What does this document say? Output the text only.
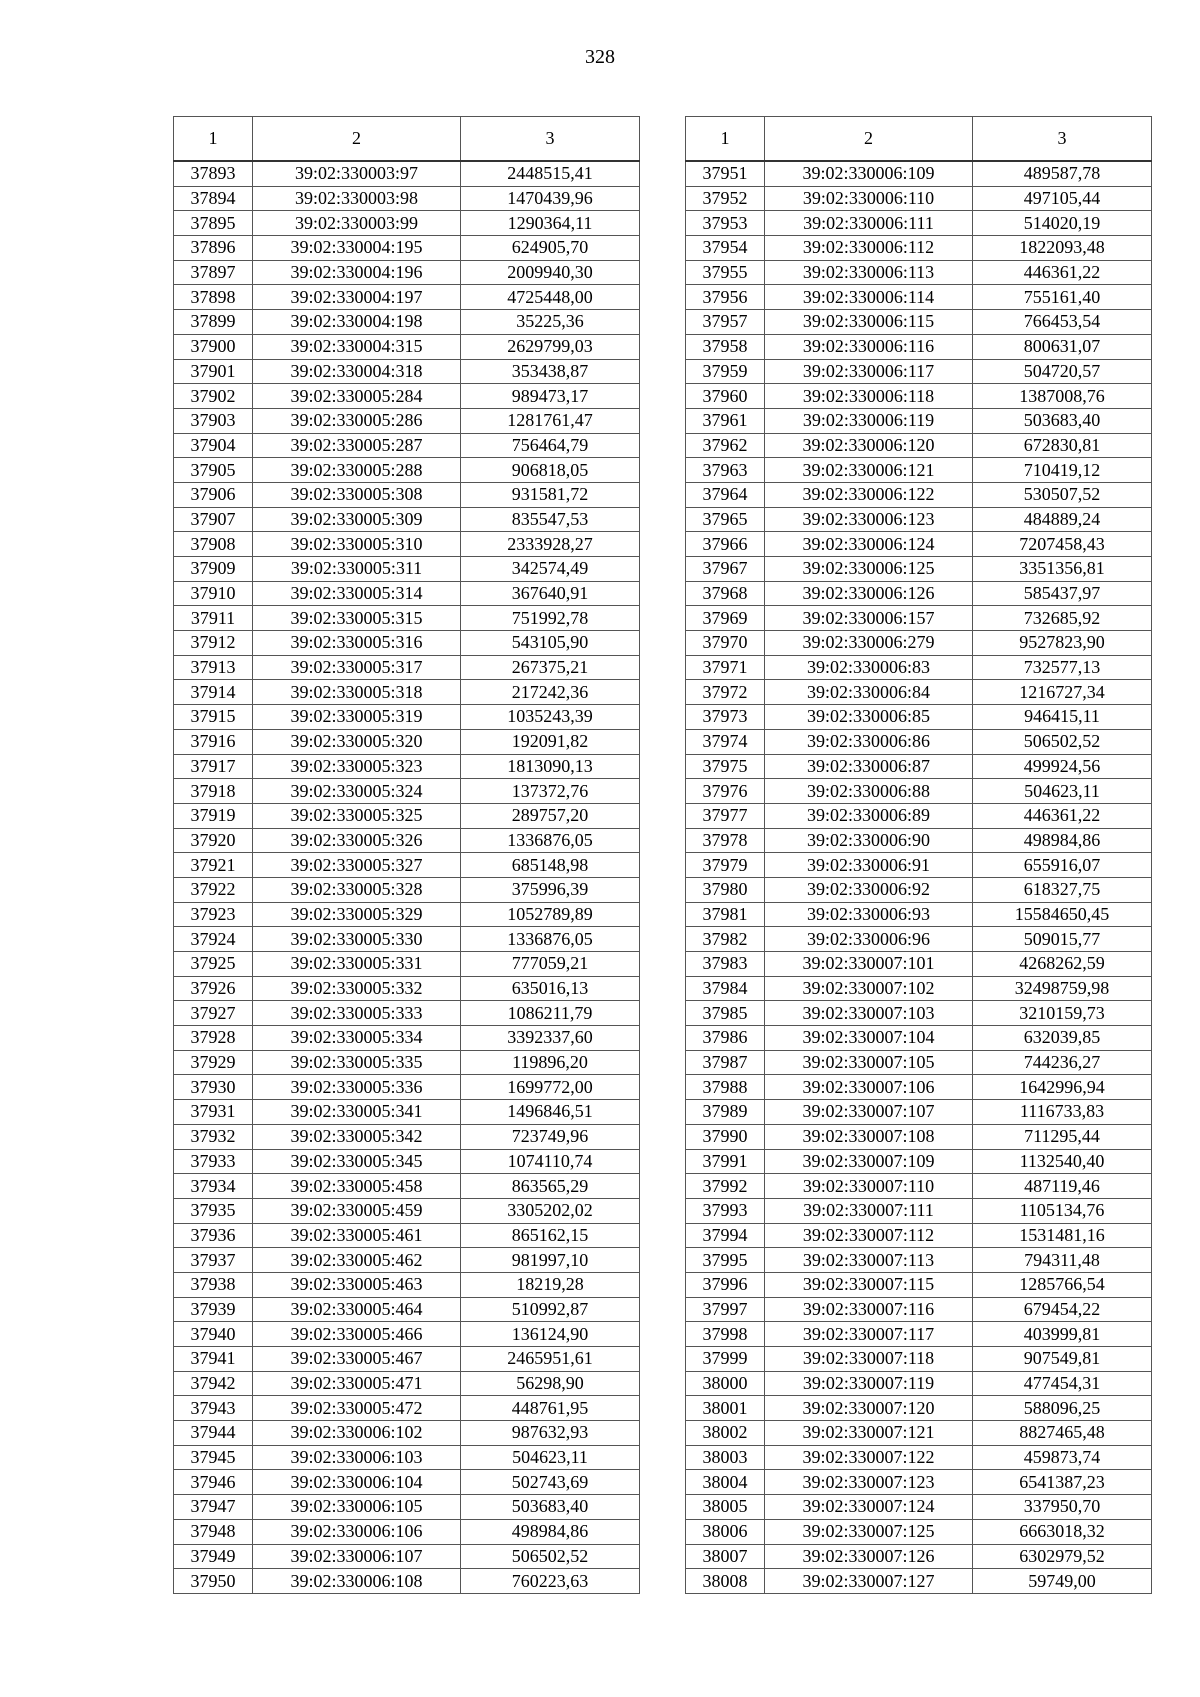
328
1	2	3
37893	39:02:330003:97	2448515,41
37894	39:02:330003:98	1470439,96
37895	39:02:330003:99	1290364,11
37896	39:02:330004:195	624905,70
37897	39:02:330004:196	2009940,30
37898	39:02:330004:197	4725448,00
37899	39:02:330004:198	35225,36
37900	39:02:330004:315	2629799,03
37901	39:02:330004:318	353438,87
37902	39:02:330005:284	989473,17
37903	39:02:330005:286	1281761,47
37904	39:02:330005:287	756464,79
37905	39:02:330005:288	906818,05
37906	39:02:330005:308	931581,72
37907	39:02:330005:309	835547,53
37908	39:02:330005:310	2333928,27
37909	39:02:330005:311	342574,49
37910	39:02:330005:314	367640,91
37911	39:02:330005:315	751992,78
37912	39:02:330005:316	543105,90
37913	39:02:330005:317	267375,21
37914	39:02:330005:318	217242,36
37915	39:02:330005:319	1035243,39
37916	39:02:330005:320	192091,82
37917	39:02:330005:323	1813090,13
37918	39:02:330005:324	137372,76
37919	39:02:330005:325	289757,20
37920	39:02:330005:326	1336876,05
37921	39:02:330005:327	685148,98
37922	39:02:330005:328	375996,39
37923	39:02:330005:329	1052789,89
37924	39:02:330005:330	1336876,05
37925	39:02:330005:331	777059,21
37926	39:02:330005:332	635016,13
37927	39:02:330005:333	1086211,79
37928	39:02:330005:334	3392337,60
37929	39:02:330005:335	119896,20
37930	39:02:330005:336	1699772,00
37931	39:02:330005:341	1496846,51
37932	39:02:330005:342	723749,96
37933	39:02:330005:345	1074110,74
37934	39:02:330005:458	863565,29
37935	39:02:330005:459	3305202,02
37936	39:02:330005:461	865162,15
37937	39:02:330005:462	981997,10
37938	39:02:330005:463	18219,28
37939	39:02:330005:464	510992,87
37940	39:02:330005:466	136124,90
37941	39:02:330005:467	2465951,61
37942	39:02:330005:471	56298,90
37943	39:02:330005:472	448761,95
37944	39:02:330006:102	987632,93
37945	39:02:330006:103	504623,11
37946	39:02:330006:104	502743,69
37947	39:02:330006:105	503683,40
37948	39:02:330006:106	498984,86
37949	39:02:330006:107	506502,52
37950	39:02:330006:108	760223,63
1	2	3
37951	39:02:330006:109	489587,78
37952	39:02:330006:110	497105,44
37953	39:02:330006:111	514020,19
37954	39:02:330006:112	1822093,48
37955	39:02:330006:113	446361,22
37956	39:02:330006:114	755161,40
37957	39:02:330006:115	766453,54
37958	39:02:330006:116	800631,07
37959	39:02:330006:117	504720,57
37960	39:02:330006:118	1387008,76
37961	39:02:330006:119	503683,40
37962	39:02:330006:120	672830,81
37963	39:02:330006:121	710419,12
37964	39:02:330006:122	530507,52
37965	39:02:330006:123	484889,24
37966	39:02:330006:124	7207458,43
37967	39:02:330006:125	3351356,81
37968	39:02:330006:126	585437,97
37969	39:02:330006:157	732685,92
37970	39:02:330006:279	9527823,90
37971	39:02:330006:83	732577,13
37972	39:02:330006:84	1216727,34
37973	39:02:330006:85	946415,11
37974	39:02:330006:86	506502,52
37975	39:02:330006:87	499924,56
37976	39:02:330006:88	504623,11
37977	39:02:330006:89	446361,22
37978	39:02:330006:90	498984,86
37979	39:02:330006:91	655916,07
37980	39:02:330006:92	618327,75
37981	39:02:330006:93	15584650,45
37982	39:02:330006:96	509015,77
37983	39:02:330007:101	4268262,59
37984	39:02:330007:102	32498759,98
37985	39:02:330007:103	3210159,73
37986	39:02:330007:104	632039,85
37987	39:02:330007:105	744236,27
37988	39:02:330007:106	1642996,94
37989	39:02:330007:107	1116733,83
37990	39:02:330007:108	711295,44
37991	39:02:330007:109	1132540,40
37992	39:02:330007:110	487119,46
37993	39:02:330007:111	1105134,76
37994	39:02:330007:112	1531481,16
37995	39:02:330007:113	794311,48
37996	39:02:330007:115	1285766,54
37997	39:02:330007:116	679454,22
37998	39:02:330007:117	403999,81
37999	39:02:330007:118	907549,81
38000	39:02:330007:119	477454,31
38001	39:02:330007:120	588096,25
38002	39:02:330007:121	8827465,48
38003	39:02:330007:122	459873,74
38004	39:02:330007:123	6541387,23
38005	39:02:330007:124	337950,70
38006	39:02:330007:125	6663018,32
38007	39:02:330007:126	6302979,52
38008	39:02:330007:127	59749,00
